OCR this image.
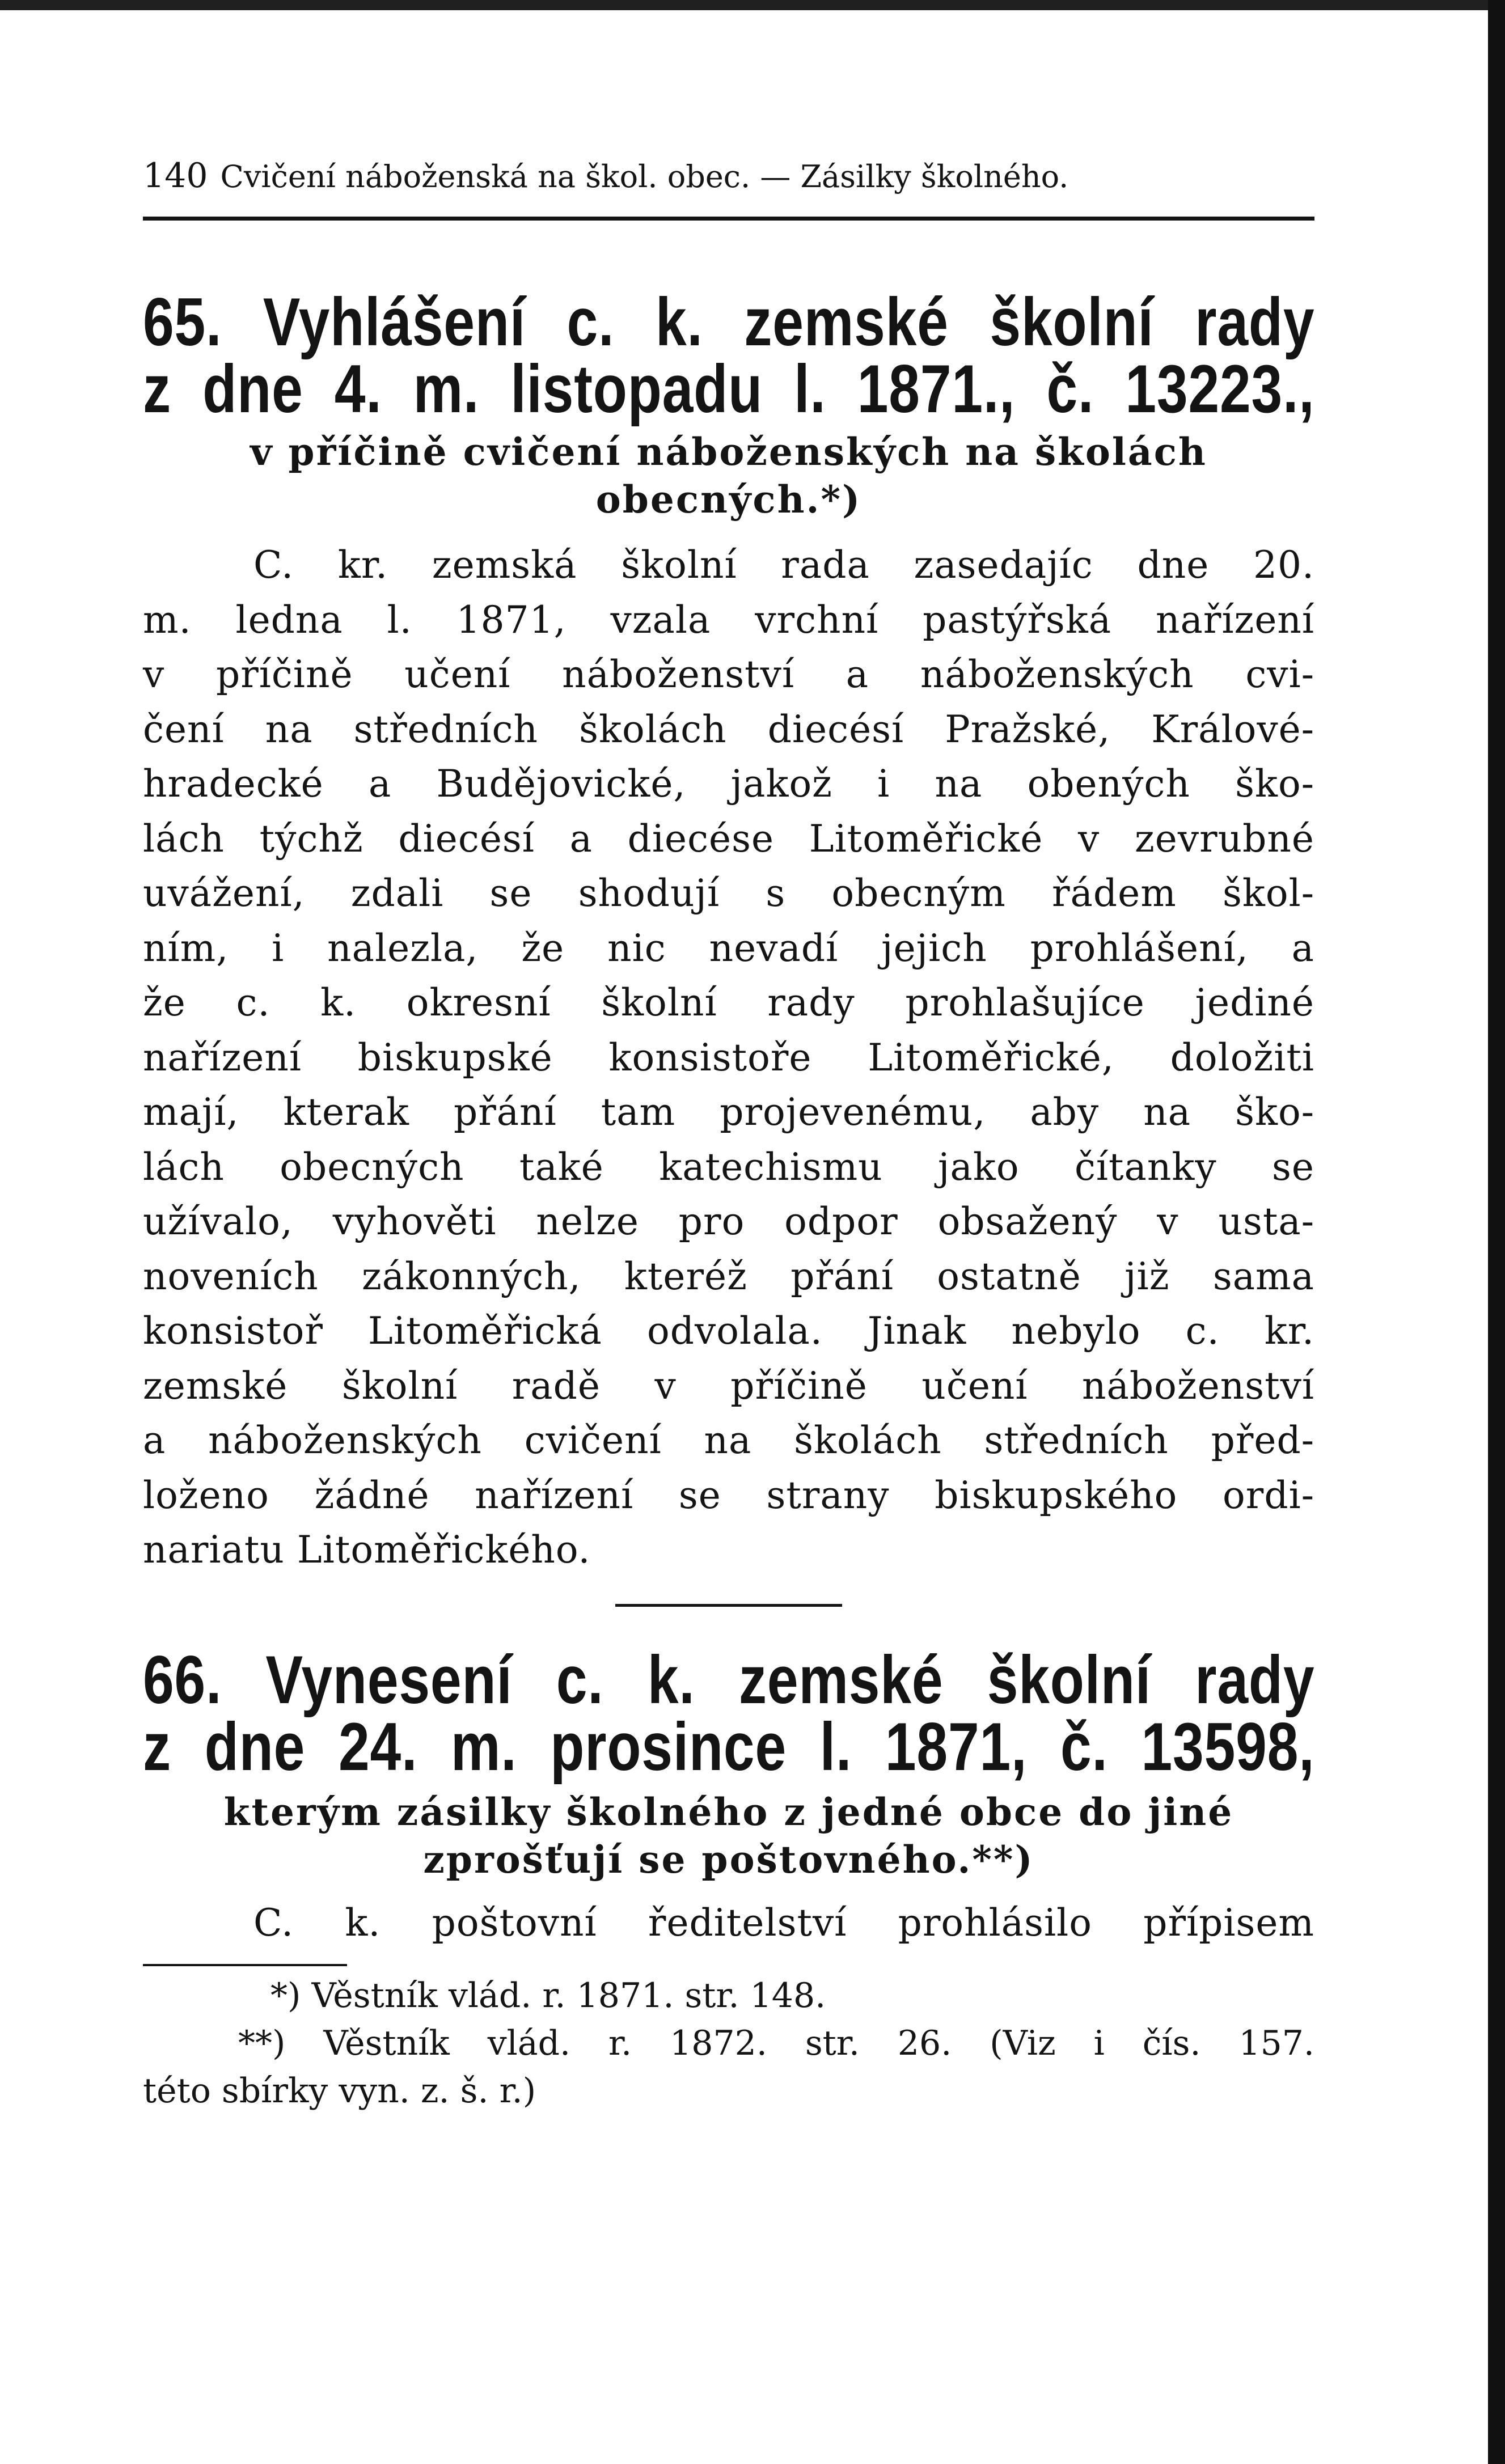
140 Cvičení náboženská na škol. obec. — Zásilky školného.
65. Vyhlášení c. k. zemské školní rady
z dne 4. m. listopadu l. 1871., č. 13223.,
v příčině cvičení náboženských na školách
obecných.*)
C. kr. zemská školní rada zasedajíc dne 20.
m. ledna l. 1871, vzala vrchní pastýřská nařízení
v příčině učení náboženství a náboženských cvi-
čení na středních školách diecésí Pražské, Králové-
hradecké a Budějovické, jakož i na obených ško-
lách týchž diecésí a diecése Litoměřické v zevrubné
uvážení, zdali se shodují s obecným řádem škol-
ním, i nalezla, že nic nevadí jejich prohlášení, a
že c. k. okresní školní rady prohlašujíce jediné
nařízení biskupské konsistoře Litoměřické, doložiti
mají, kterak přání tam projevenému, aby na ško-
lách obecných také katechismu jako čítanky se
užívalo, vyhověti nelze pro odpor obsažený v usta-
noveních zákonných, kteréž přání ostatně již sama
konsistoř Litoměřická odvolala. Jinak nebylo c. kr.
zemské školní radě v příčině učení náboženství
a náboženských cvičení na školách středních před-
loženo žádné nařízení se strany biskupského ordi-
nariatu Litoměřického.
66. Vynesení c. k. zemské školní rady
z dne 24. m. prosince l. 1871, č. 13598,
kterým zásilky školného z jedné obce do jiné
zprošťují se poštovného.**)
C. k. poštovní ředitelství prohlásilo přípisem
*) Věstník vlád. r. 1871. str. 148.
**) Věstník vlád. r. 1872. str. 26. (Viz i čís. 157.
této sbírky vyn. z. š. r.)
